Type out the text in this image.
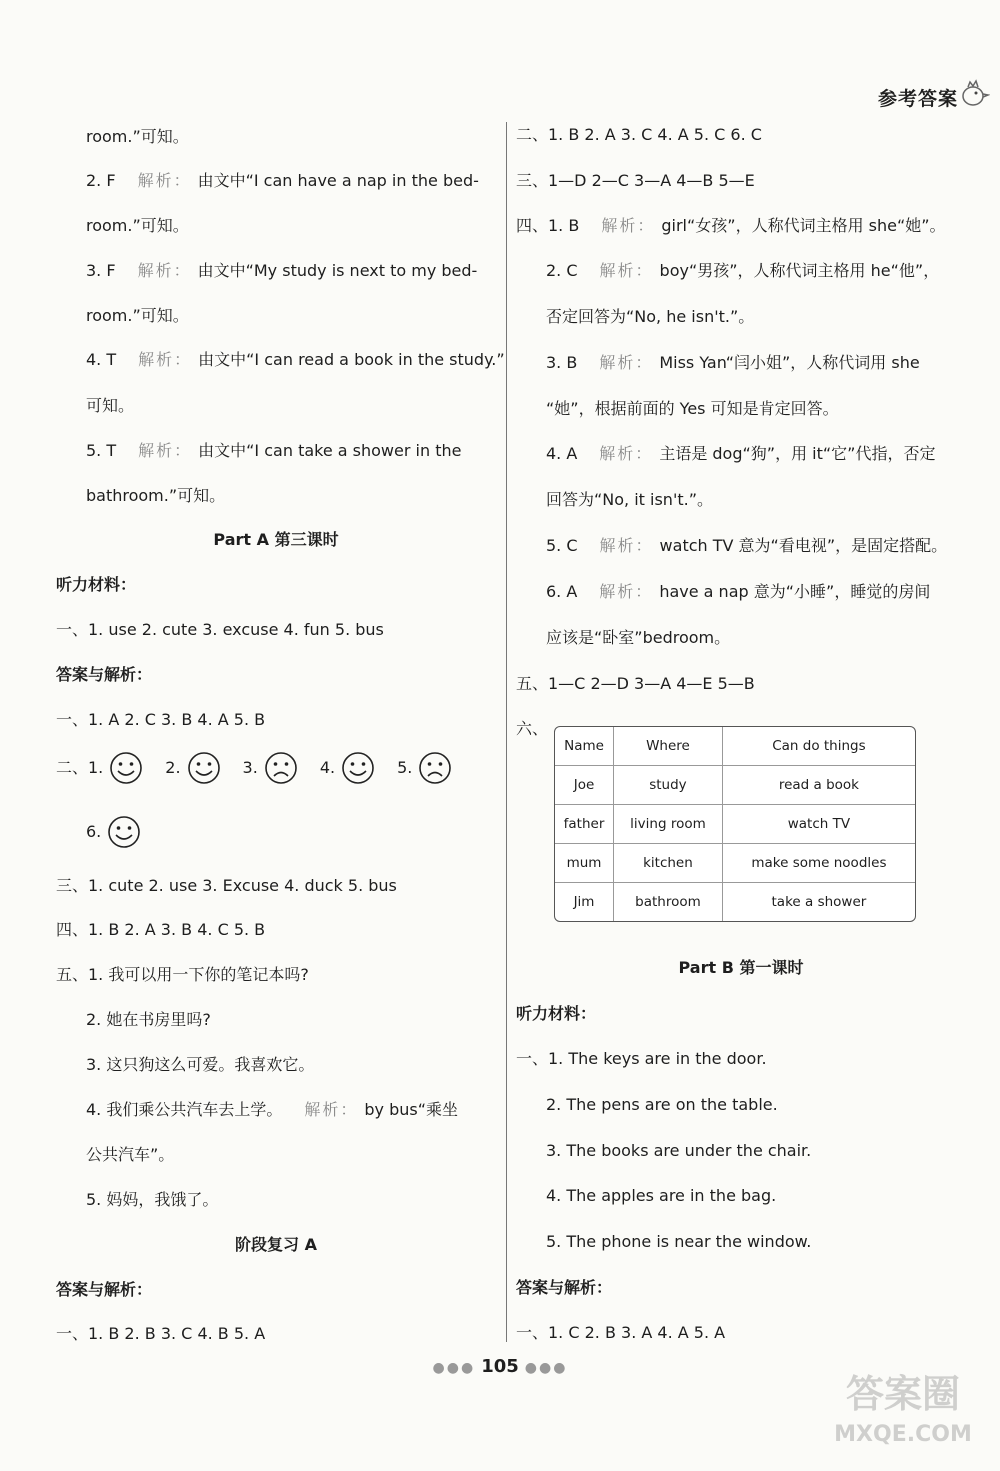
参考答案
room.”可知。
2. F 解析： 由文中“I can have a nap in the bed-
room.”可知。
3. F 解析： 由文中“My study is next to my bed-
room.”可知。
4. T 解析： 由文中“I can read a book in the study.”
可知。
5. T 解析： 由文中“I can take a shower in the
bathroom.”可知。
Part A 第三课时
听力材料：
一、1. use 2. cute 3. excuse 4. fun 5. bus
答案与解析：
一、1. A 2. C 3. B 4. A 5. B
二、1.	2.	3.	4.	5.
6.
三、1. cute 2. use 3. Excuse 4. duck 5. bus
四、1. B 2. A 3. B 4. C 5. B
五、1. 我可以用一下你的笔记本吗?
2. 她在书房里吗?
3. 这只狗这么可爱。我喜欢它。
4. 我们乘公共汽车去上学。 解析： by bus“乘坐
公共汽车”。
5. 妈妈，我饿了。
阶段复习 A
答案与解析：
一、1. B 2. B 3. C 4. B 5. A
二、1. B 2. A 3. C 4. A 5. C 6. C
三、1—D 2—C 3—A 4—B 5—E
四、1. B 解析： girl“女孩”，人称代词主格用 she“她”。
2. C 解析： boy“男孩”，人称代词主格用 he“他”，
否定回答为“No, he isn't.”。
3. B 解析： Miss Yan“闫小姐”，人称代词用 she
“她”，根据前面的 Yes 可知是肯定回答。
4. A 解析： 主语是 dog“狗”，用 it“它”代指，否定
回答为“No, it isn't.”。
5. C 解析： watch TV 意为“看电视”，是固定搭配。
6. A 解析： have a nap 意为“小睡”，睡觉的房间
应该是“卧室”bedroom。
五、1—C 2—D 3—A 4—E 5—B
六、
Name	Where	Can do things
Joe	study	read a book
father	living room	watch TV
mum	kitchen	make some noodles
Jim	bathroom	take a shower
Part B 第一课时
听力材料：
一、1. The keys are in the door.
2. The pens are on the table.
3. The books are under the chair.
4. The apples are in the bag.
5. The phone is near the window.
答案与解析：
一、1. C 2. B 3. A 4. A 5. A
●●● 105 ●●●
答案圈
MXQE.COM
